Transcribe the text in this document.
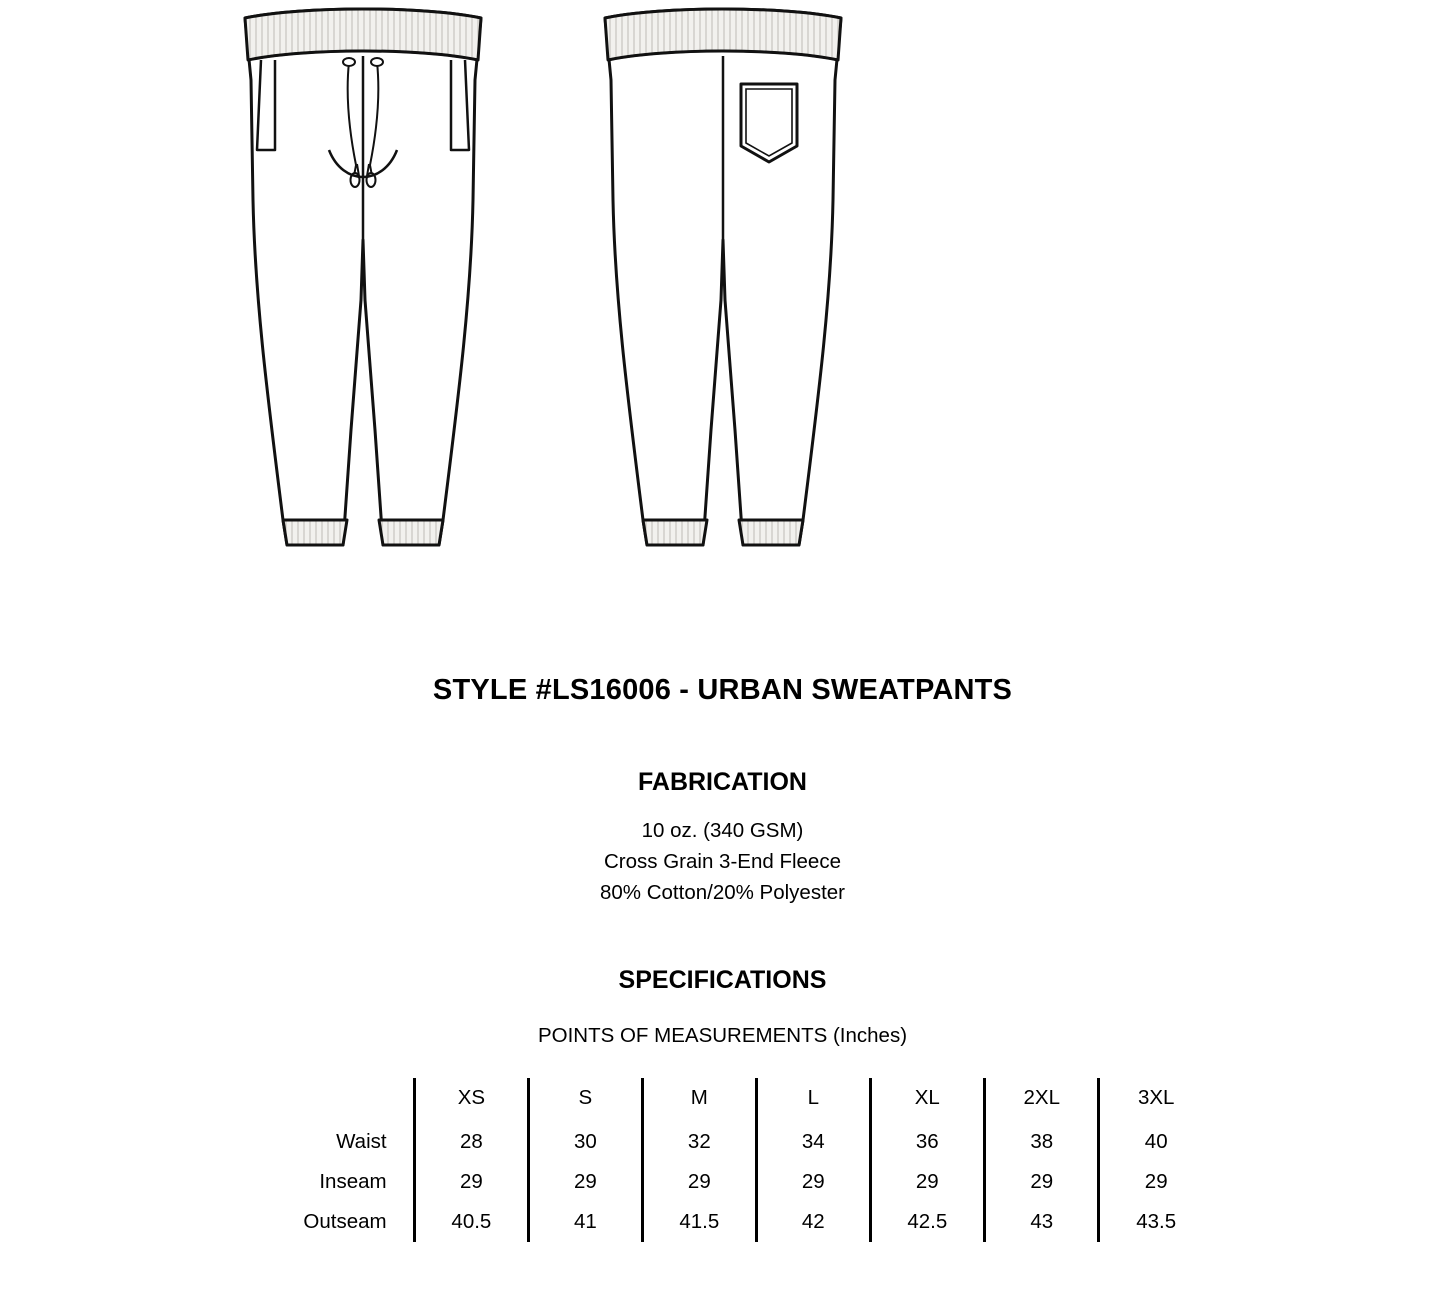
STYLE #LS16006 - URBAN SWEATPANTS
FABRICATION
10 oz. (340 GSM)
Cross Grain 3-End Fleece
80% Cotton/20% Polyester
SPECIFICATIONS
POINTS OF MEASUREMENTS (Inches)
	XS	S	M	L	XL	2XL	3XL
Waist	28	30	32	34	36	38	40
Inseam	29	29	29	29	29	29	29
Outseam	40.5	41	41.5	42	42.5	43	43.5
